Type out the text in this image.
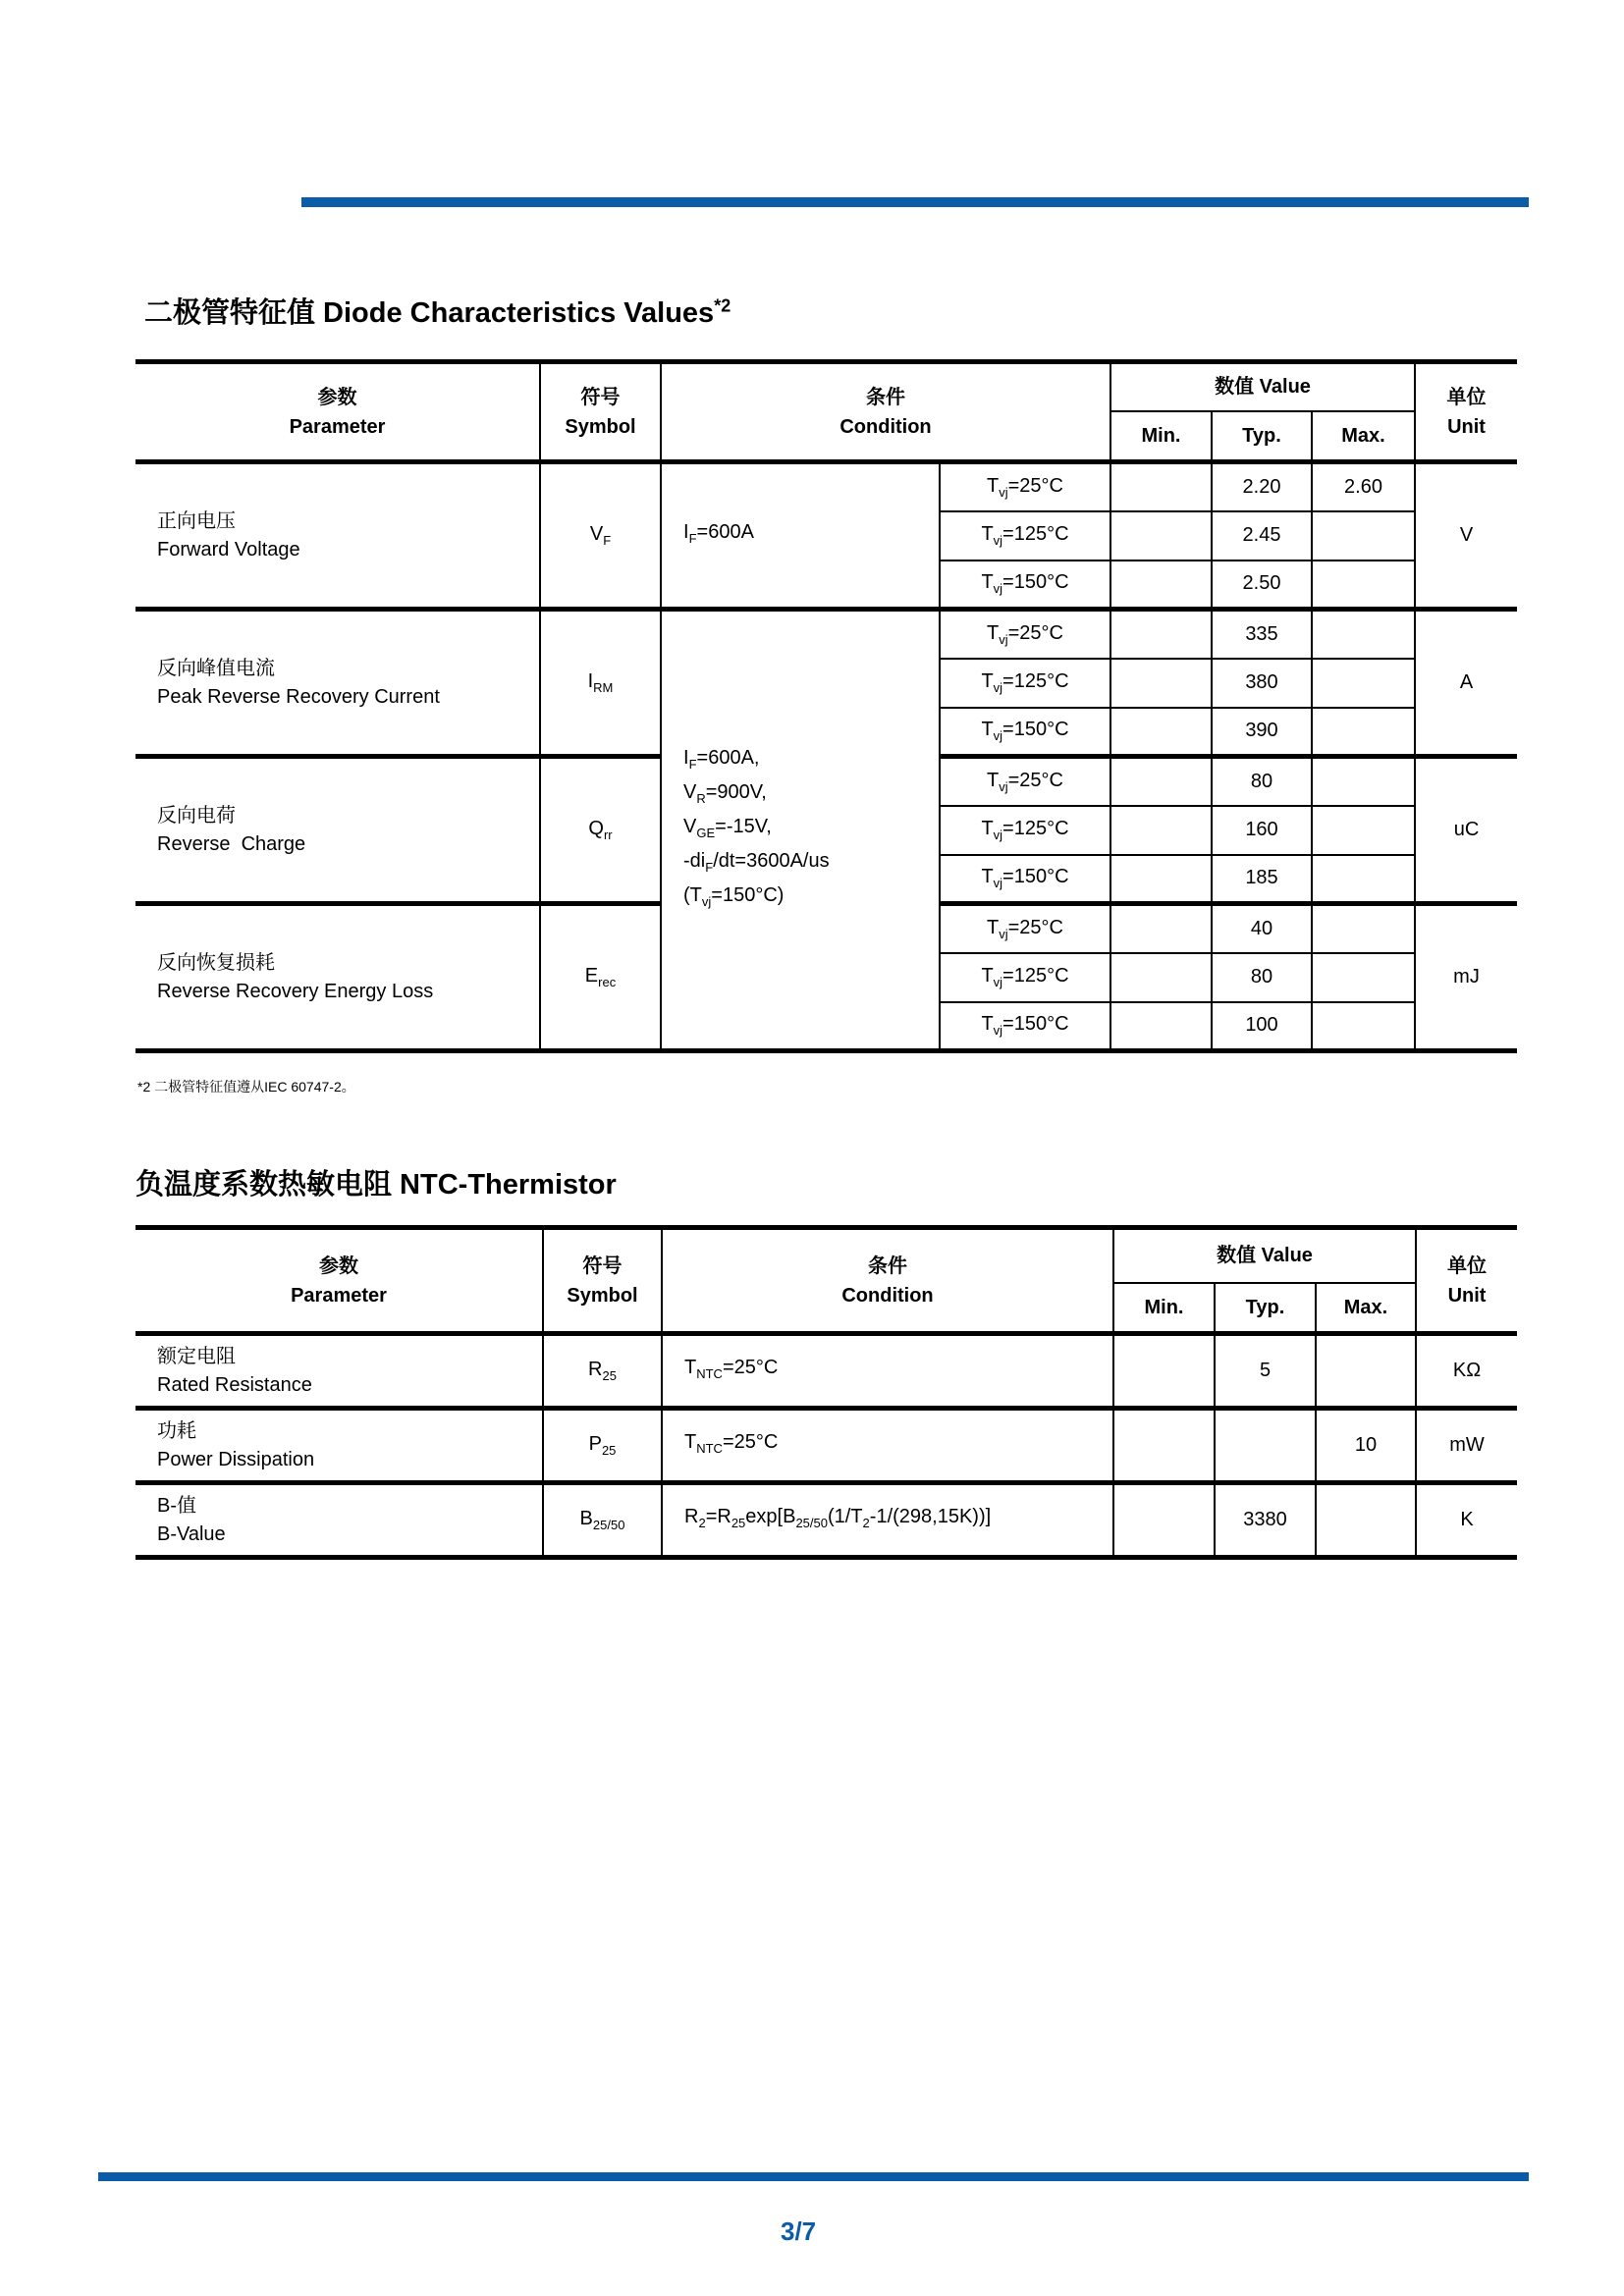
二极管特征值 Diode Characteristics Values$^{*2}$
参数
Parameter	符号
Symbol	条件
Condition		数值 Value			单位
Unit
				Min.	Typ.	Max.	
正向电压
Forward Voltage	$V_F$	$I_F=600A$	$T_{vj}=25^\circ C$		2.20	2.60	V
			$T_{vj}=125^\circ C$		2.45		
			$T_{vj}=150^\circ C$		2.50		
反向峰值电流
Peak Reverse Recovery Current	$I_{RM}$	$I_F=600A$,
$V_R=900V$,
$V_{GE}=-15V$,
$-di_F/dt=3600A/us$
$(T_{vj}=150^\circ C)$	$T_{vj}=25^\circ C$		335		A
			$T_{vj}=125^\circ C$		380		
			$T_{vj}=150^\circ C$		390		
反向电荷
Reverse  Charge	$Q_{rr}$		$T_{vj}=25^\circ C$		80		uC
			$T_{vj}=125^\circ C$		160		
			$T_{vj}=150^\circ C$		185		
反向恢复损耗
Reverse Recovery Energy Loss	$E_{rec}$		$T_{vj}=25^\circ C$		40		mJ
			$T_{vj}=125^\circ C$		80		
			$T_{vj}=150^\circ C$		100		
*2 二极管特征值遵从IEC 60747-2。
负温度系数热敏电阻 NTC-Thermistor
参数
Parameter	符号
Symbol	条件
Condition	数值 Value			单位
Unit
			Min.	Typ.	Max.	
额定电阻
Rated Resistance	$R_{25}$	$T_{NTC}=25^\circ C$		5		KΩ
功耗
Power Dissipation	$P_{25}$	$T_{NTC}=25^\circ C$			10	mW
B-值
B-Value	$B_{25/50}$	$R_2=R_{25}\exp[B_{25/50}(1/T_2-1/(298,15K))]$		3380		K
3/7
